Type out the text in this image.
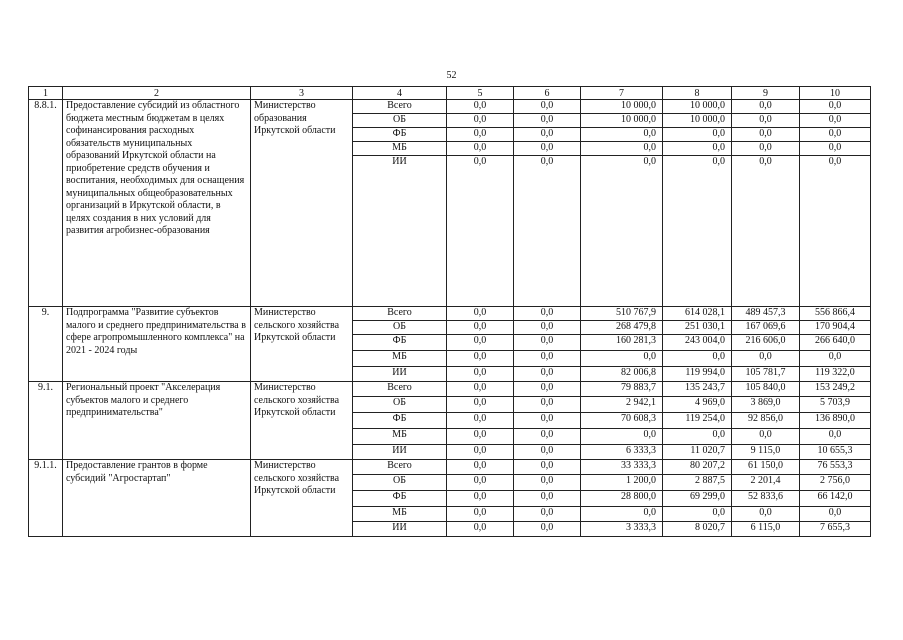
52
1	2	3	4	5	6	7	8	9	10
8.8.1.	Предоставление субсидий из областного бюджета местным бюджетам в целях софинансирования расходных обязательств муниципальных образований Иркутской области на приобретение средств обучения и воспитания, необходимых для оснащения муниципальных общеобразовательных организаций в Иркутской области, в целях создания в них условий для развития агробизнес-образования	Министерство образования Иркутской области	Всего	0,0	0,0	10 000,0	10 000,0	0,0	0,0
			ОБ	0,0	0,0	10 000,0	10 000,0	0,0	0,0
			ФБ	0,0	0,0	0,0	0,0	0,0	0,0
			МБ	0,0	0,0	0,0	0,0	0,0	0,0
			ИИ	0,0	0,0	0,0	0,0	0,0	0,0
9.	Подпрограмма "Развитие субъектов малого и среднего предпринимательства в сфере агропромышленного комплекса" на 2021 - 2024 годы	Министерство сельского хозяйства Иркутской области	Всего	0,0	0,0	510 767,9	614 028,1	489 457,3	556 866,4
			ОБ	0,0	0,0	268 479,8	251 030,1	167 069,6	170 904,4
			ФБ	0,0	0,0	160 281,3	243 004,0	216 606,0	266 640,0
			МБ	0,0	0,0	0,0	0,0	0,0	0,0
			ИИ	0,0	0,0	82 006,8	119 994,0	105 781,7	119 322,0
9.1.	Региональный проект "Акселерация субъектов малого и среднего предпринимательства"	Министерство сельского хозяйства Иркутской области	Всего	0,0	0,0	79 883,7	135 243,7	105 840,0	153 249,2
			ОБ	0,0	0,0	2 942,1	4 969,0	3 869,0	5 703,9
			ФБ	0,0	0,0	70 608,3	119 254,0	92 856,0	136 890,0
			МБ	0,0	0,0	0,0	0,0	0,0	0,0
			ИИ	0,0	0,0	6 333,3	11 020,7	9 115,0	10 655,3
9.1.1.	Предоставление грантов в форме субсидий "Агростартап"	Министерство сельского хозяйства Иркутской области	Всего	0,0	0,0	33 333,3	80 207,2	61 150,0	76 553,3
			ОБ	0,0	0,0	1 200,0	2 887,5	2 201,4	2 756,0
			ФБ	0,0	0,0	28 800,0	69 299,0	52 833,6	66 142,0
			МБ	0,0	0,0	0,0	0,0	0,0	0,0
			ИИ	0,0	0,0	3 333,3	8 020,7	6 115,0	7 655,3
